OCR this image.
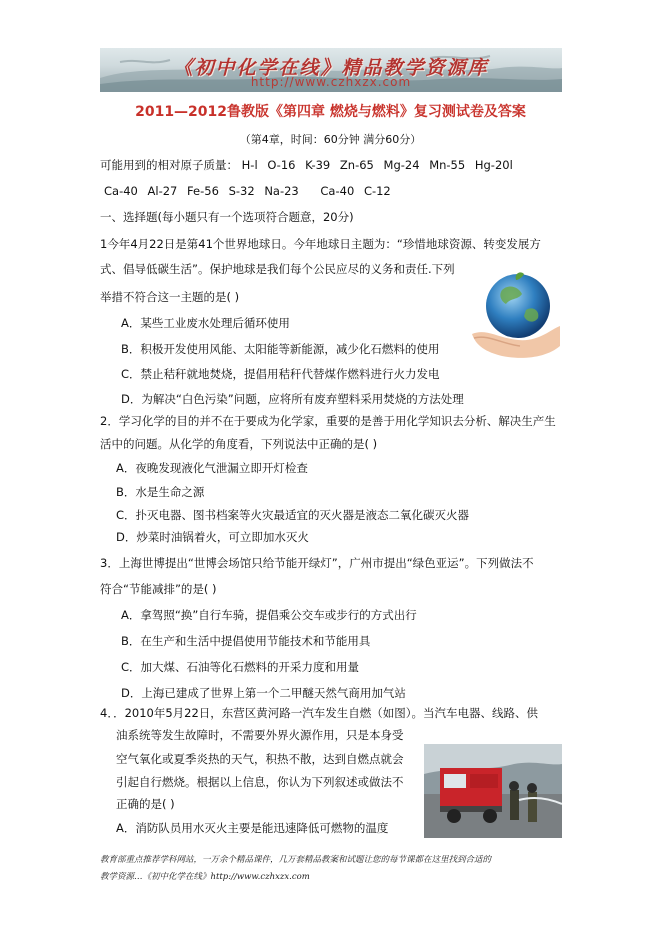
《初中化学在线》精品教学资源库
http://www.czhxzx.com
2011—2012鲁教版《第四章 燃烧与燃料》复习测试卷及答案
（第4章，时间：60分钟 满分60分）
可能用到的相对原子质量： H-l O-16 K-39 Zn-65 Mg-24 Mn-55 Hg-20l
Ca-40 Al-27 Fe-56 S-32 Na-23 Ca-40 C-12
一、选择题(每小题只有一个选项符合题意，20分)
1今年4月22日是第41个世界地球日。今年地球日主题为：“珍惜地球资源、转变发展方
式、倡导低碳生活”。保护地球是我们每个公民应尽的义务和责任.下列
举措不符合这一主题的是( )
A．某些工业废水处理后循环使用
B．积极开发使用风能、太阳能等新能源，减少化石燃料的使用
C．禁止秸秆就地焚烧，提倡用秸秆代替煤作燃料进行火力发电
D．为解决“白色污染”问题，应将所有废弃塑料采用焚烧的方法处理
2．学习化学的目的并不在于要成为化学家，重要的是善于用化学知识去分析、解决生产生
活中的问题。从化学的角度看，下列说法中正确的是( )
A．夜晚发现液化气泄漏立即开灯检查
B．水是生命之源
C．扑灭电器、图书档案等火灾最适宜的灭火器是液态二氧化碳灭火器
D．炒菜时油锅着火，可立即加水灭火
3．上海世博提出“世博会场馆只给节能开绿灯”，广州市提出“绿色亚运”。下列做法不
符合“节能减排”的是( )
A．拿驾照“换”自行车骑，提倡乘公交车或步行的方式出行
B．在生产和生活中提倡使用节能技术和节能用具
C．加大煤、石油等化石燃料的开采力度和用量
D．上海已建成了世界上第一个二甲醚天然气商用加气站
4．．2010年5月22日，东营区黄河路一汽车发生自燃（如图）。当汽车电器、线路、供
油系统等发生故障时，不需要外界火源作用，只是本身受
空气氧化或夏季炎热的天气，积热不散，达到自燃点就会
引起自行燃烧。根据以上信息，你认为下列叙述或做法不
正确的是( )
A．消防队员用水灭火主要是能迅速降低可燃物的温度
教育部重点推荐学科网站，一万余个精品课件，几万套精品教案和试题让您的每节课都在这里找到合适的
教学资源…《初中化学在线》http://www.czhxzx.com
